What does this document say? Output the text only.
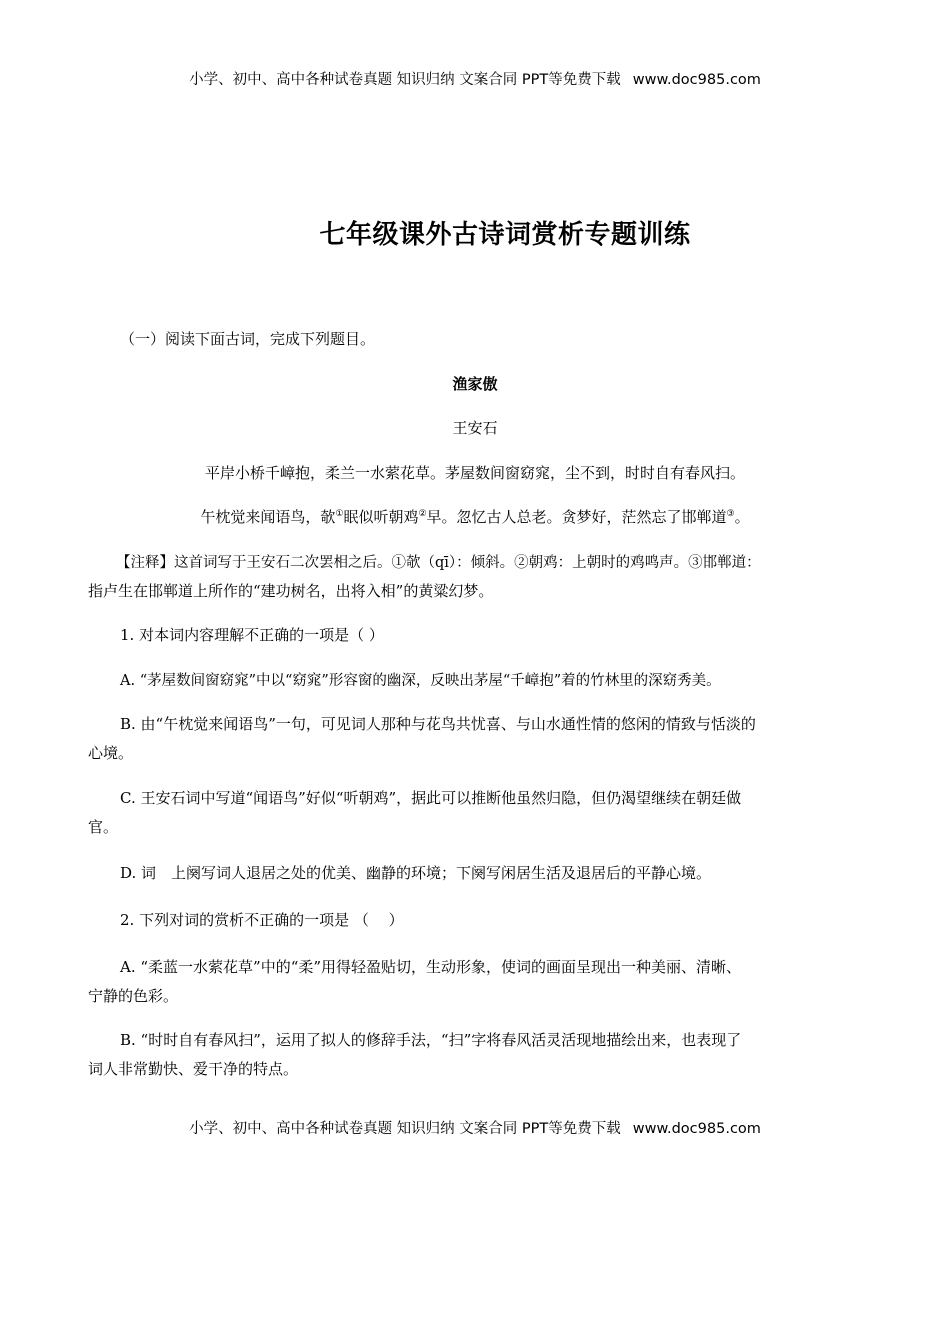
小学、初中、高中各种试卷真题 知识归纳 文案合同 PPT等免费下载 www.doc985.com
七年级课外古诗词赏析专题训练
（一）阅读下面古词，完成下列题目。
渔家傲
王安石
平岸小桥千嶂抱，柔兰一水萦花草。茅屋数间窗窈窕，尘不到，时时自有春风扫。
午枕觉来闻语鸟，欹①眠似听朝鸡②早。忽忆古人总老。贪梦好，茫然忘了邯郸道③。
【注释】这首词写于王安石二次罢相之后。①欹（qī）：倾斜。②朝鸡：上朝时的鸡鸣声。③邯郸道：
指卢生在邯郸道上所作的“建功树名，出将入相”的黄粱幻梦。
1. 对本词内容理解不正确的一项是（ ）
A. “茅屋数间窗窈窕”中以“窈窕”形容窗的幽深，反映出茅屋“千嶂抱”着的竹林里的深窈秀美。
B. 由“午枕觉来闻语鸟”一句，可见词人那种与花鸟共忧喜、与山水通性情的悠闲的情致与恬淡的
心境。
C. 王安石词中写道“闻语鸟”好似“听朝鸡”，据此可以推断他虽然归隐，但仍渴望继续在朝廷做
官。
D. 词　上阕写词人退居之处的优美、幽静的环境；下阕写闲居生活及退居后的平静心境。
2. 下列对词的赏析不正确的一项是 （　 ）
A. “柔蓝一水萦花草”中的“柔”用得轻盈贴切，生动形象，使词的画面呈现出一种美丽、清晰、
宁静的色彩。
B. “时时自有春风扫”，运用了拟人的修辞手法，“扫”字将春风活灵活现地描绘出来，也表现了
词人非常勤快、爱干净的特点。
小学、初中、高中各种试卷真题 知识归纳 文案合同 PPT等免费下载 www.doc985.com
